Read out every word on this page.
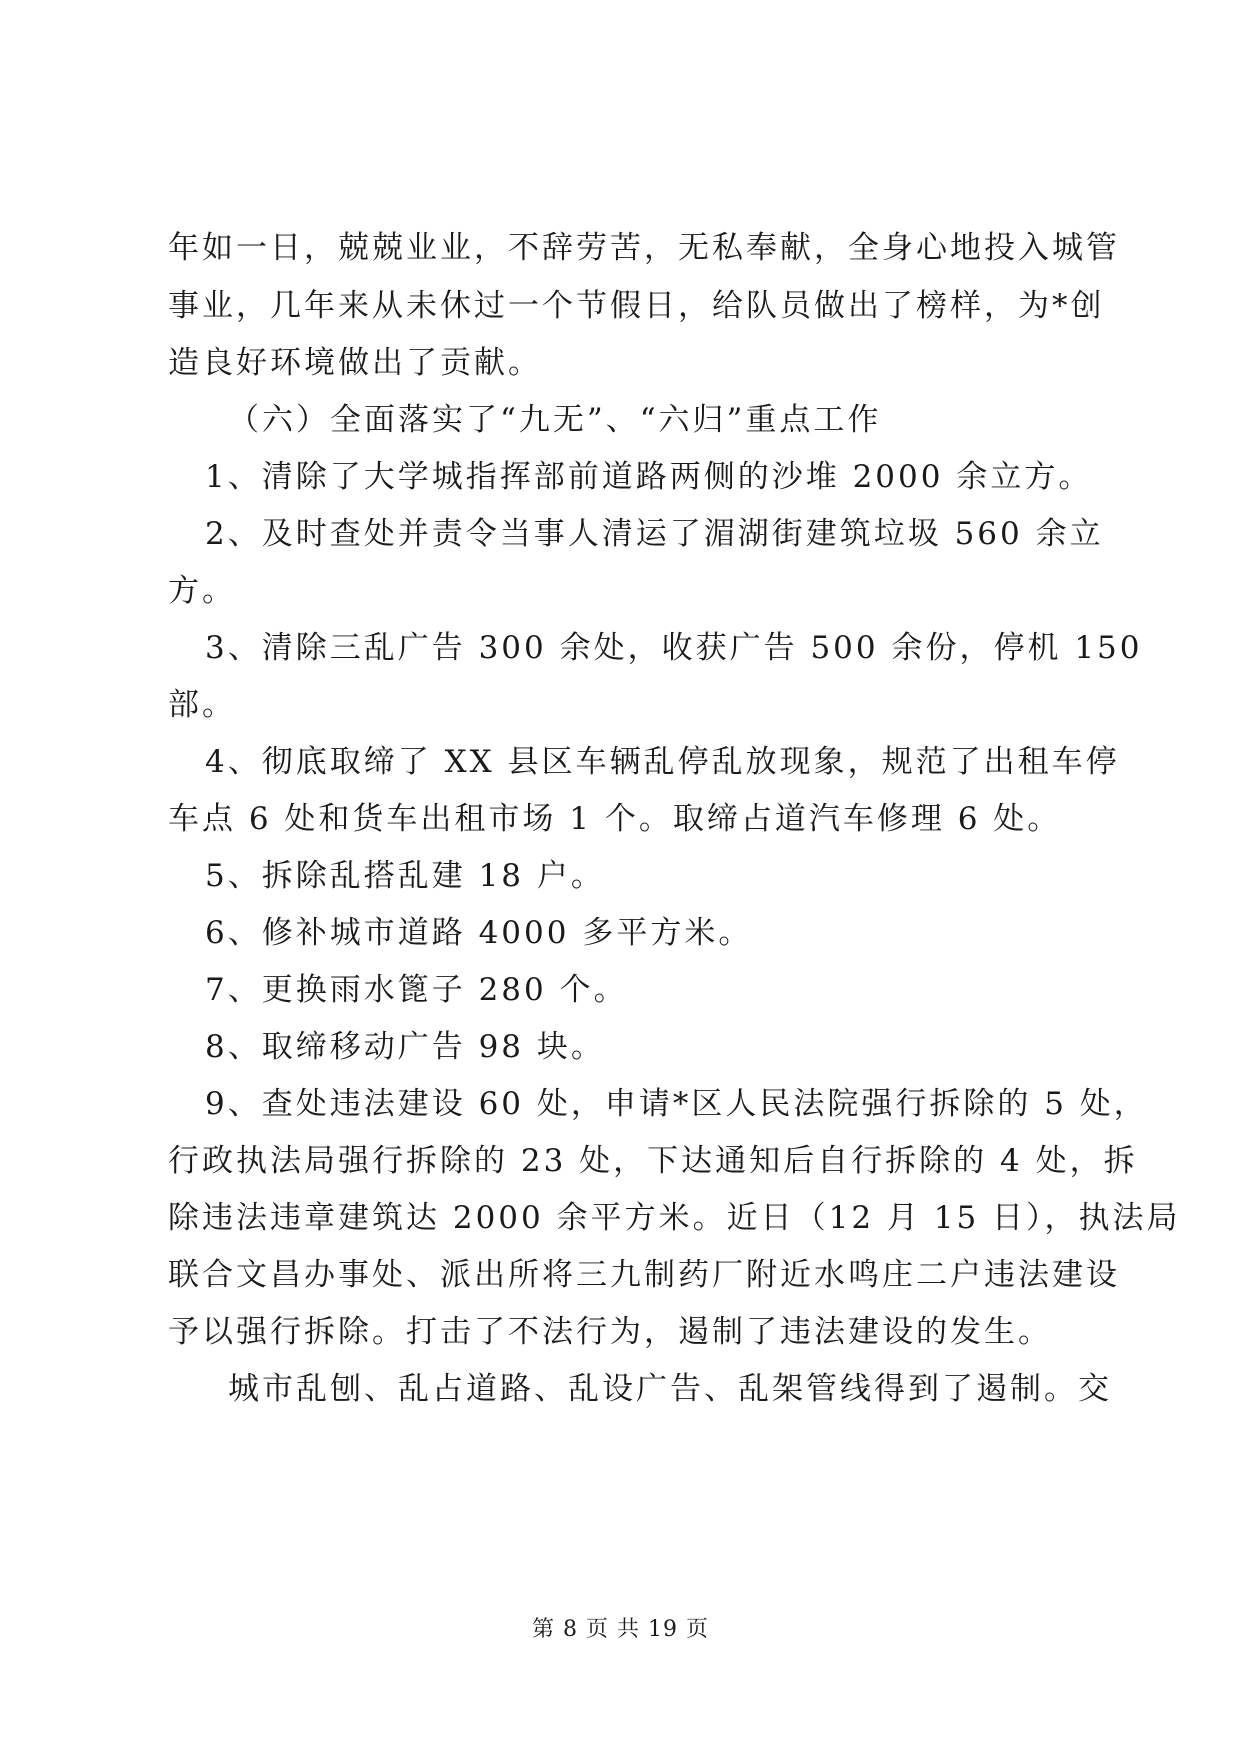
年如一日，兢兢业业，不辞劳苦，无私奉献，全身心地投入城管
事业，几年来从未休过一个节假日，给队员做出了榜样，为*创
造良好环境做出了贡献。
（六）全面落实了“九无”、“六归”重点工作
1、清除了大学城指挥部前道路两侧的沙堆 2000 余立方。
2、及时查处并责令当事人清运了湄湖街建筑垃圾 560 余立
方。
3、清除三乱广告 300 余处，收获广告 500 余份，停机 150
部。
4、彻底取缔了 XX 县区车辆乱停乱放现象，规范了出租车停
车点 6 处和货车出租市场 1 个。取缔占道汽车修理 6 处。
5、拆除乱搭乱建 18 户。
6、修补城市道路 4000 多平方米。
7、更换雨水篦子 280 个。
8、取缔移动广告 98 块。
9、查处违法建设 60 处，申请*区人民法院强行拆除的 5 处，
行政执法局强行拆除的 23 处，下达通知后自行拆除的 4 处，拆
除违法违章建筑达 2000 余平方米。近日（12 月 15 日），执法局
联合文昌办事处、派出所将三九制药厂附近水鸣庄二户违法建设
予以强行拆除。打击了不法行为，遏制了违法建设的发生。
城市乱刨、乱占道路、乱设广告、乱架管线得到了遏制。交
第 8 页 共 19 页
